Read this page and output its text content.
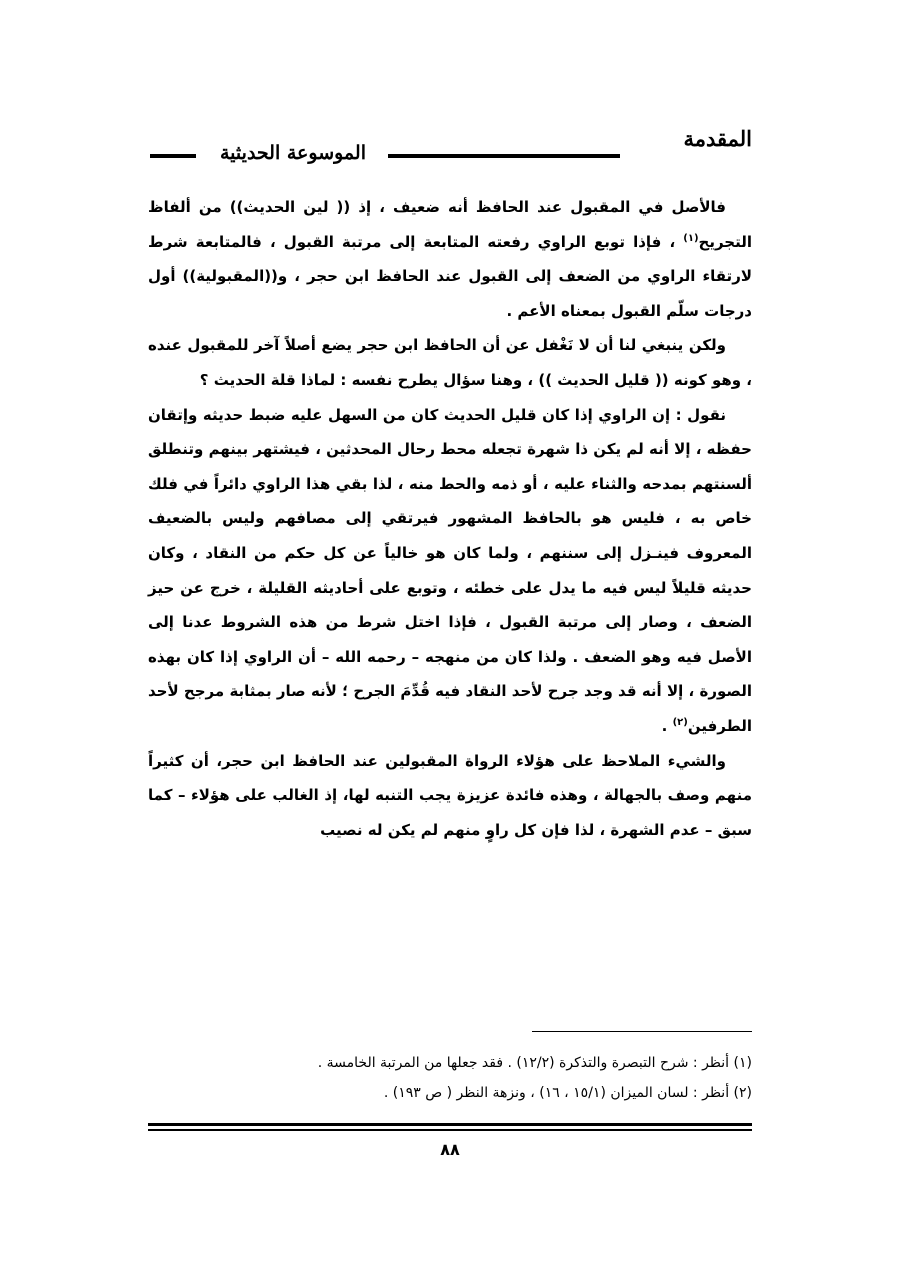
المقدمة
الموسوعة الحديثية

فالأصل في المقبول عند الحافظ أنه ضعيف ، إذ (( لين الحديث)) من ألفاظ التجريح$^{(١)}$ ، فإذا توبع الراوي رفعته المتابعة إلى مرتبة القبول ، فالمتابعة شرط لارتقاء الراوي من الضعف إلى القبول عند الحافظ ابن حجر ، و((المقبولية)) أول درجات سلّم القبول بمعناه الأعم .

ولكن ينبغي لنا أن لا نَغْفل عن أن الحافظ ابن حجر يضع أصلاً آخر للمقبول عنده ، وهو كونه (( قليل الحديث )) ، وهنا سؤال يطرح نفسه : لماذا قلة الحديث ؟

نقول : إن الراوي إذا كان قليل الحديث كان من السهل عليه ضبط حديثه وإتقان حفظه ، إلا أنه لم يكن ذا شهرة تجعله محط رحال المحدثين ، فيشتهر بينهم وتنطلق ألسنتهم بمدحه والثناء عليه ، أو ذمه والحط منه ، لذا بقي هذا الراوي دائراً في فلك خاص به ، فليس هو بالحافظ المشهور فيرتقي إلى مصافهم وليس بالضعيف المعروف فينـزل إلى سننهم ، ولما كان هو خالياً عن كل حكم من النقاد ، وكان حديثه قليلاً ليس فيه ما يدل على خطئه ، وتوبع على أحاديثه القليلة ، خرج عن حيز الضعف ، وصار إلى مرتبة القبول ، فإذا اختل شرط من هذه الشروط عدنا إلى الأصل فيه وهو الضعف . ولذا كان من منهجه – رحمه الله – أن الراوي إذا كان بهذه الصورة ، إلا أنه قد وجد جرح لأحد النقاد فيه قُدِّمَ الجرح ؛ لأنه صار بمثابة مرجح لأحد الطرفين$^{(٢)}$ .

والشيء الملاحظ على هؤلاء الرواة المقبولين عند الحافظ ابن حجر، أن كثيراً منهم وصف بالجهالة ، وهذه فائدة عزيزة يجب التنبه لها، إذ الغالب على هؤلاء – كما سبق – عدم الشهرة ، لذا فإن كل راوٍ منهم لم يكن له نصيب

(١) أنظر : شرح التبصرة والتذكرة (١٢/٢) . فقد جعلها من المرتبة الخامسة .
(٢) أنظر : لسان الميزان (١٥/١ ، ١٦) ، ونزهة النظر ( ص ١٩٣) .
٨٨
